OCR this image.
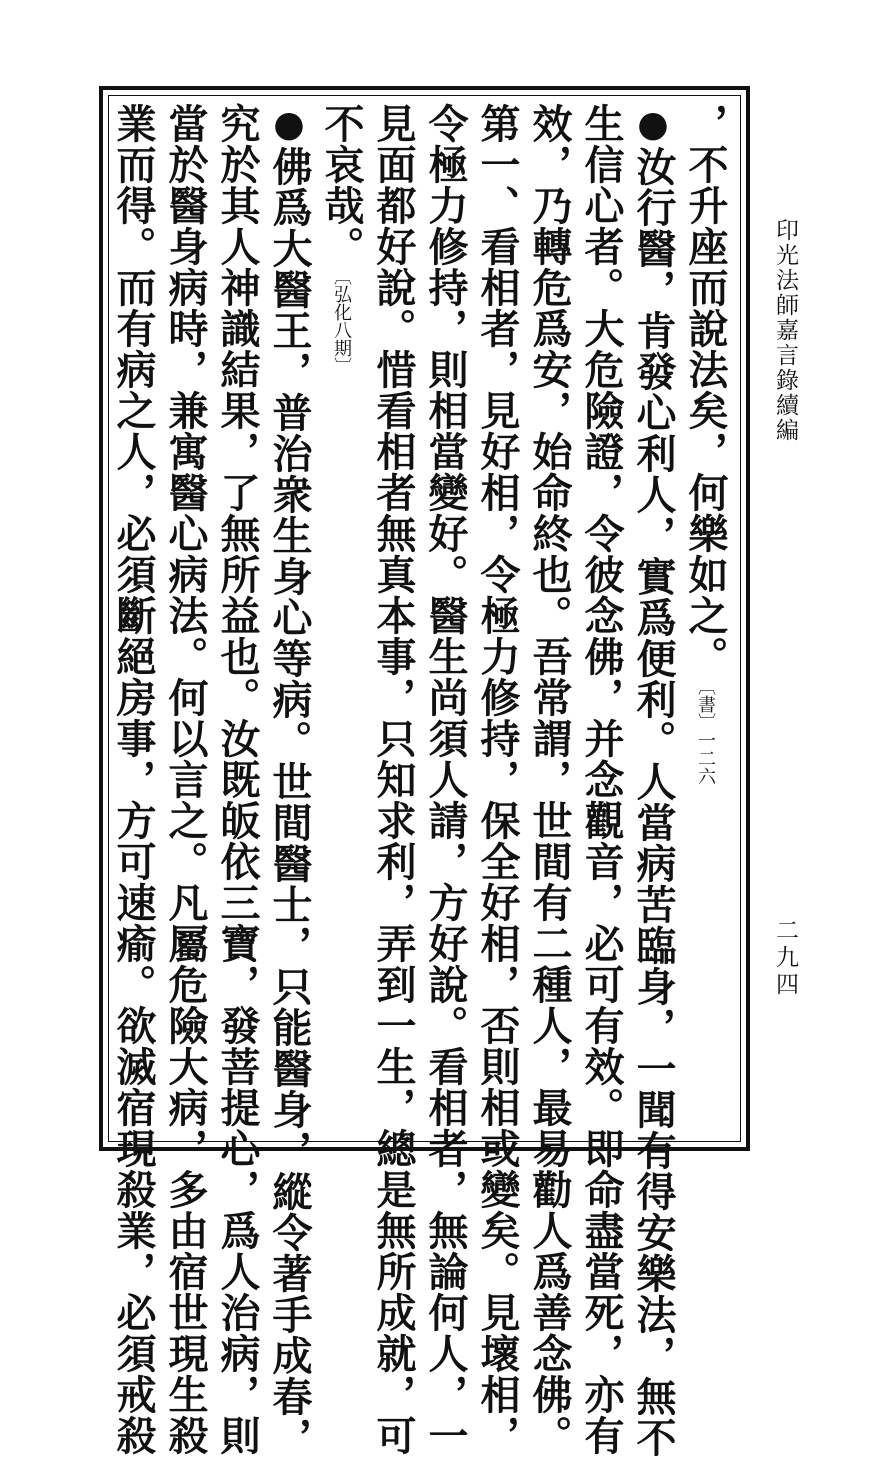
印光法師嘉言錄續編
二九四
，不升座而說法矣，何樂如之。〔書〕一二六
●汝行醫，肯發心利人，實爲便利。人當病苦臨身，一聞有得安樂法，無不
生信心者。大危險證，令彼念佛，并念觀音，必可有效。即命盡當死，亦有
效，乃轉危爲安，始命終也。吾常謂，世間有二種人，最易勸人爲善念佛。
第一、看相者，見好相，令極力修持，保全好相，否則相或變矣。見壞相，
令極力修持，則相當變好。醫生尚須人請，方好說。看相者，無論何人，一
見面都好說。惜看相者無真本事，只知求利，弄到一生，總是無所成就，可
不哀哉。〔弘化八期〕
●佛爲大醫王，普治衆生身心等病。世間醫士，只能醫身，縱令著手成春，
究於其人神識結果，了無所益也。汝既皈依三寶，發菩提心，爲人治病，則
當於醫身病時，兼寓醫心病法。何以言之。凡屬危險大病，多由宿世現生殺
業而得。而有病之人，必須斷絕房事，方可速瘉。欲滅宿現殺業，必須戒殺
